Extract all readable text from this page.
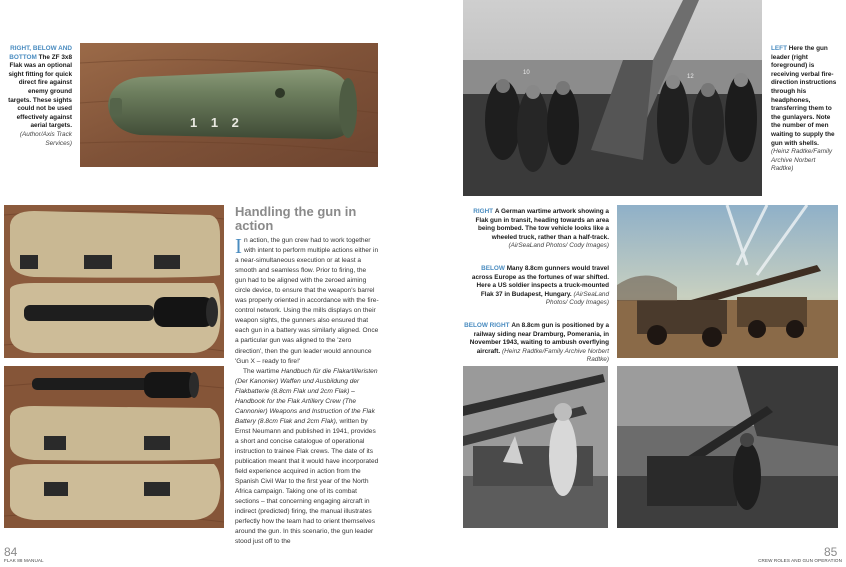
RIGHT, BELOW AND BOTTOM The ZF 3x8 Flak was an optional sight fitting for quick direct fire against enemy ground targets. These sights could not be used effectively against aerial targets. (Author/Axis Track Services)
1 1 2
Handling the gun in action

In action, the gun crew had to work together with intent to perform multiple actions either in a near-simultaneous execution or at least a smooth and seamless flow. Prior to firing, the gun had to be aligned with the zeroed aiming circle device, to ensure that the weapon's barrel was properly oriented in accordance with the fire-control network. Using the mills displays on their weapon sights, the gunners also ensured that each gun in a battery was similarly aligned. Once a particular gun was aligned to the 'zero direction', then the gun leader would announce 'Gun X – ready to fire!'

The wartime Handbuch für die Flakartilleristen (Der Kanonier) Waffen und Ausbildung der Flakbatterie (8.8cm Flak und 2cm Flak) – Handbook for the Flak Artillery Crew (The Cannonier) Weapons and Instruction of the Flak Battery (8.8cm Flak and 2cm Flak), written by Ernst Neumann and published in 1941, provides a short and concise catalogue of operational instruction to trainee Flak crews. The date of its publication meant that it would have incorporated field experience acquired in action from the Spanish Civil War to the first year of the North Africa campaign. Taking one of its combat sections – that concerning engaging aircraft in indirect (predicted) firing, the manual illustrates perfectly how the team had to orient themselves around the gun. In this scenario, the gun leader stood just off to the

84
FLAK 88 MANUAL
10
12
LEFT Here the gun leader (right foreground) is receiving verbal fire-direction instructions through his headphones, transferring them to the gunlayers. Note the number of men waiting to supply the gun with shells. (Heinz Radtke/Family Archive Norbert Radtke)
RIGHT A German wartime artwork showing a Flak gun in transit, heading towards an area being bombed. The tow vehicle looks like a wheeled truck, rather than a half-track. (AirSeaLand Photos/ Cody Images)
BELOW Many 8.8cm gunners would travel across Europe as the fortunes of war shifted. Here a US soldier inspects a truck-mounted Flak 37 in Budapest, Hungary. (AirSeaLand Photos/ Cody Images)
BELOW RIGHT An 8.8cm gun is positioned by a railway siding near Dramburg, Pomerania, in November 1943, waiting to ambush overflying aircraft. (Heinz Radtke/Family Archive Norbert Radtke)
85
CREW ROLES AND GUN OPERATION
